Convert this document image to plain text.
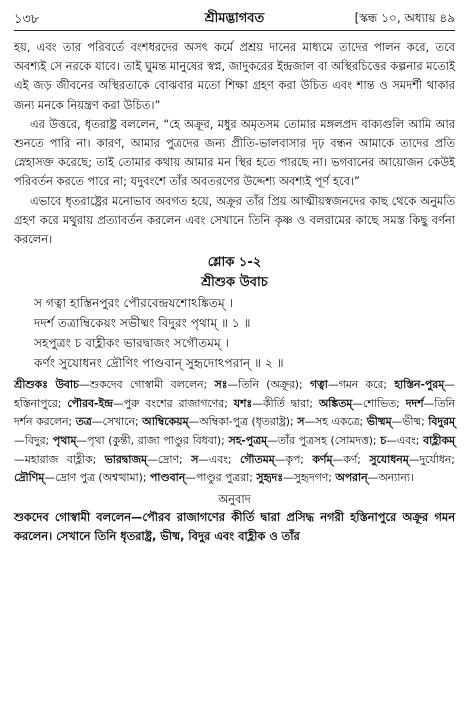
১৩৮	শ্রীমদ্ভাগবত	[স্কন্ধ ১০, অধ্যায় ৪৯

হয়, এবং তার পরিবর্তে বংশধরদের অসৎ কর্মে প্রশ্রয় দানের মাধ্যমে তাদের পালন করে, তবে অবশ্যই সে নরকে যাবে। তাই ঘুমন্ত মানুষের স্বপ্ন, জাদুকরের ইন্দ্রজাল বা অস্থিরচিত্তের কল্পনার মতোই এই জড় জীবনের অস্থিরতাকে বোঝবার মতো শিক্ষা গ্রহণ করা উচিত এবং শান্ত ও সমদর্শী থাকার জন্য মনকে নিয়ন্ত্রণ করা উচিত।”

এর উত্তরে, ধৃতরাষ্ট্র বললেন, “হে অক্রূর, মধুর অমৃতসম তোমার মঙ্গলপ্রদ বাক্যগুলি আমি আর শুনতে পারি না। কারণ, আমার পুত্রদের জন্য প্রীতি-ভালবাসার দৃঢ় বন্ধন আমাকে তাদের প্রতি স্নেহাসক্ত করেছে; তাই তোমার কথায় আমার মন স্থির হতে পারছে না। ভগবানের আয়োজন কেউই পরিবর্তন করতে পারে না; যদুবংশে তাঁর অবতরণের উদ্দেশ্য অবশ্যই পূর্ণ হবে।”

এভাবে ধৃতরাষ্ট্রের মনোভাব অবগত হয়ে, অক্রূর তাঁর প্রিয় আত্মীয়স্বজনদের কাছ থেকে অনুমতি গ্রহণ করে মথুরায় প্রত্যাবর্তন করলেন এবং সেখানে তিনি কৃষ্ণ ও বলরামের কাছে সমস্ত কিছু বর্ণনা করলেন।

শ্লোক ১-২
শ্রীশুক উবাচ
স গত্বা হাস্তিনপুরং পৌরবেন্দ্রযশোঽঙ্কিতম্ ।
দদর্শ তত্রাম্বিকেয়ং সভীষ্মং বিদুরং পৃথাম্ ॥ ১ ॥
সহপুত্রং চ বাহ্লীকং ভারদ্বাজং সগৌতমম্ ।
কর্ণং সুযোধনং দ্রৌণিং পাণ্ডবান্ সুহৃদোঽপরান্ ॥ ২ ॥
শ্রীশুকঃ উবাচ—শুকদেব গোস্বামী বললেন; সঃ—তিনি (অক্রূর); গত্বা—গমন করে; হাস্তিন-পুরম্—হস্তিনাপুরে; পৌরব-ইন্দ্র—পুরু বংশের রাজাগণের; যশঃ—কীর্তি দ্বারা; অঙ্কিতম্—শোভিত; দদর্শ—তিনি দর্শন করলেন; তত্র—সেখানে; আম্বিকেয়ম্—অম্বিকা-পুত্র (ধৃতরাষ্ট্র); স—সহ একত্রে; ভীষ্মম্—ভীষ্ম; বিদুরম্—বিদুর; পৃথাম্—পৃথা (কুন্তী, রাজা পাণ্ডুর বিধবা); সহ-পুত্রম্—তাঁর পুত্রসহ (সোমদত্ত); চ—এবং; বাহ্লীকম্—মহারাজ বাহ্লীক; ভারদ্বাজম্—দ্রোণ; স—এবং; গৌতমম্—কৃপ; কর্ণম্—কর্ণ; সুযোধনম্—দুর্যোধন; দ্রৌণিম্—দ্রোণ পুত্র (অশ্বত্থামা); পাণ্ডবান্—পাণ্ডুর পুত্ররা; সুহৃদঃ—সুহৃদগণ; অপরান্—অন্যান্য।
অনুবাদ
শুকদেব গোস্বামী বললেন—পৌরব রাজাগণের কীর্তি দ্বারা প্রসিদ্ধ নগরী হস্তিনাপুরে অক্রূর গমন করলেন। সেখানে তিনি ধৃতরাষ্ট্র, ভীষ্ম, বিদুর এবং বাহ্লীক ও তাঁর
